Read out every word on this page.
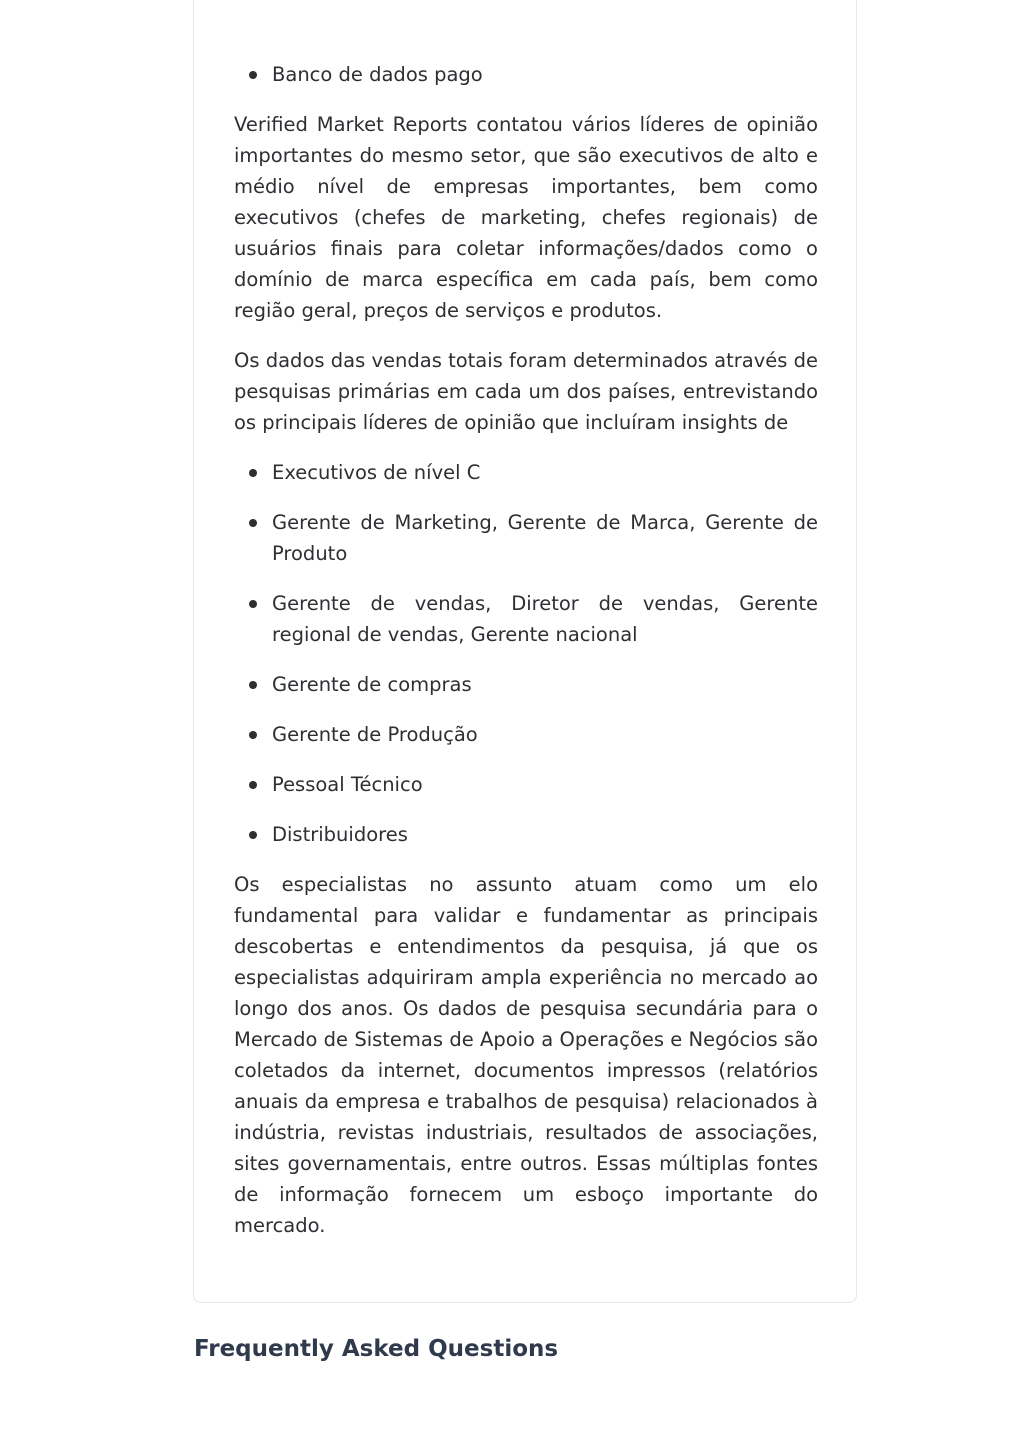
Banco de dados pago

Verified Market Reports contatou vários líderes de opinião importantes do mesmo setor, que são executivos de alto e médio nível de empresas importantes, bem como executivos (chefes de marketing, chefes regionais) de usuários finais para coletar informações/dados como o domínio de marca específica em cada país, bem como região geral, preços de serviços e produtos.

Os dados das vendas totais foram determinados através de pesquisas primárias em cada um dos países, entrevistando os principais líderes de opinião que incluíram insights de

Executivos de nível C
Gerente de Marketing, Gerente de Marca, Gerente de Produto
Gerente de vendas, Diretor de vendas, Gerente regional de vendas, Gerente nacional
Gerente de compras
Gerente de Produção
Pessoal Técnico
Distribuidores

Os especialistas no assunto atuam como um elo fundamental para validar e fundamentar as principais descobertas e entendimentos da pesquisa, já que os especialistas adquiriram ampla experiência no mercado ao longo dos anos. Os dados de pesquisa secundária para o Mercado de Sistemas de Apoio a Operações e Negócios são coletados da internet, documentos impressos (relatórios anuais da empresa e trabalhos de pesquisa) relacionados à indústria, revistas industriais, resultados de associações, sites governamentais, entre outros. Essas múltiplas fontes de informação fornecem um esboço importante do mercado.

Frequently Asked Questions
